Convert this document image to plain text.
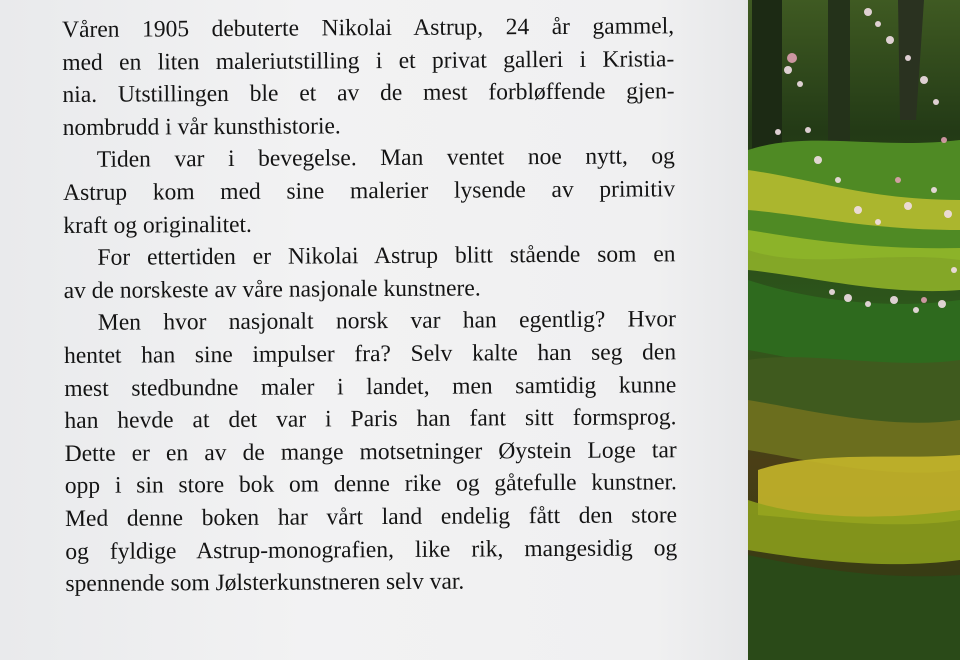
Våren 1905 debuterte Nikolai Astrup, 24 år gammel,
med en liten maleriutstilling i et privat galleri i Kristia-
nia. Utstillingen ble et av de mest forbløffende gjen-
nombrudd i vår kunsthistorie.

Tiden var i bevegelse. Man ventet noe nytt, og
Astrup kom med sine malerier lysende av primitiv
kraft og originalitet.

For ettertiden er Nikolai Astrup blitt stående som en
av de norskeste av våre nasjonale kunstnere.

Men hvor nasjonalt norsk var han egentlig? Hvor
hentet han sine impulser fra? Selv kalte han seg den
mest stedbundne maler i landet, men samtidig kunne
han hevde at det var i Paris han fant sitt formsprog.
Dette er en av de mange motsetninger Øystein Loge tar
opp i sin store bok om denne rike og gåtefulle kunstner.
Med denne boken har vårt land endelig fått den store
og fyldige Astrup-monografien, like rik, mangesidig og
spennende som Jølsterkunstneren selv var.
